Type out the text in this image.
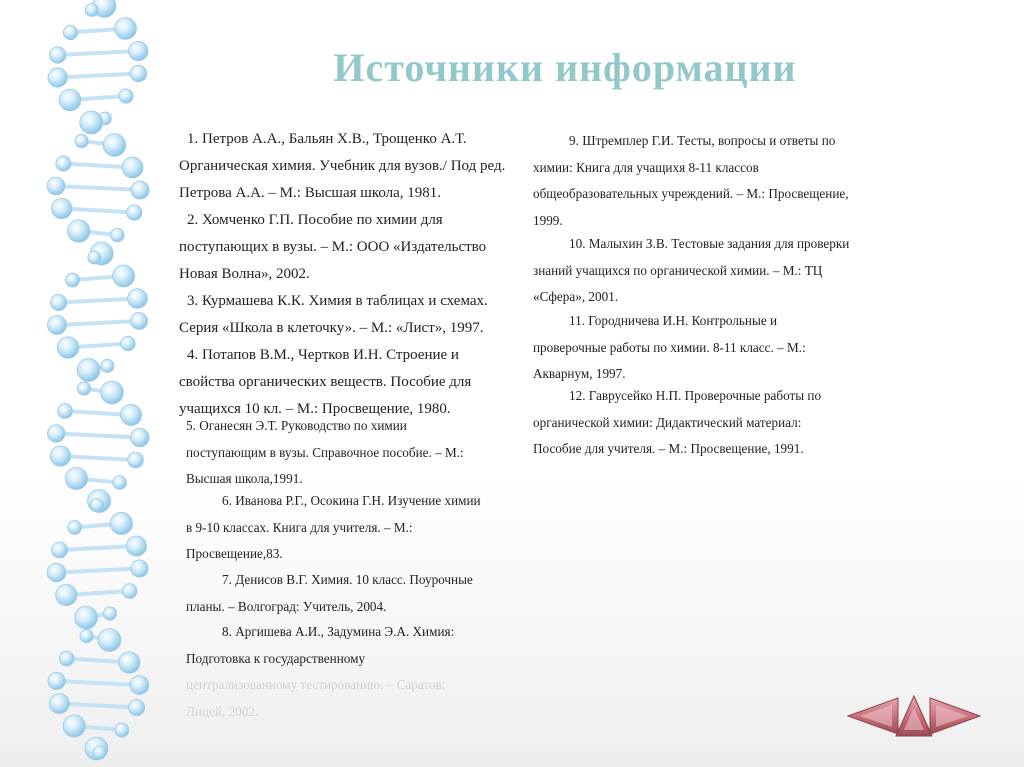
Источники информации

1. Петров А.А., Бальян Х.В., Трощенко А.Т. Органическая химия. Учебник для вузов./ Под ред. Петрова А.А. – М.: Высшая школа, 1981.

2. Хомченко Г.П. Пособие по химии для поступающих в вузы. – М.: ООО «Издательство Новая Волна», 2002.

3. Курмашева К.К. Химия в таблицах и схемах. Серия «Школа в клеточку». – М.: «Лист», 1997.

4. Потапов В.М., Чертков И.Н. Строение и свойства органических веществ. Пособие для учащихся 10 кл. – М.: Просвещение, 1980.

5. Оганесян Э.Т. Руководство по химии поступающим в вузы. Справочное пособие. – М.: Высшая школа,1991.

6. Иванова Р.Г., Осокина Г.Н. Изучение химии в 9-10 классах. Книга для учителя. – М.: Просвещение,83.

7. Денисов В.Г. Химия. 10 класс. Поурочные планы. – Волгоград: Учитель, 2004.

8. Аргишева А.И., Задумина Э.А. Химия: Подготовка к государственному

централизованному тестированию. – Саратов: Лицей, 2002.

9. Штремплер Г.И. Тесты, вопросы и ответы по химии: Книга для учащихя 8-11 классов общеобразовательных учреждений. – М.: Просвещение, 1999.

10. Малыхин З.В. Тестовые задания для проверки знаний учащихся по органической химии. – М.: ТЦ «Сфера», 2001.

11. Городничева И.Н. Контрольные и проверочные работы по химии. 8-11 класс. – М.: Акварнум, 1997.

12. Гаврусейко Н.П. Проверочные работы по органической химии: Дидактический материал: Пособие для учителя. – М.: Просвещение, 1991.
